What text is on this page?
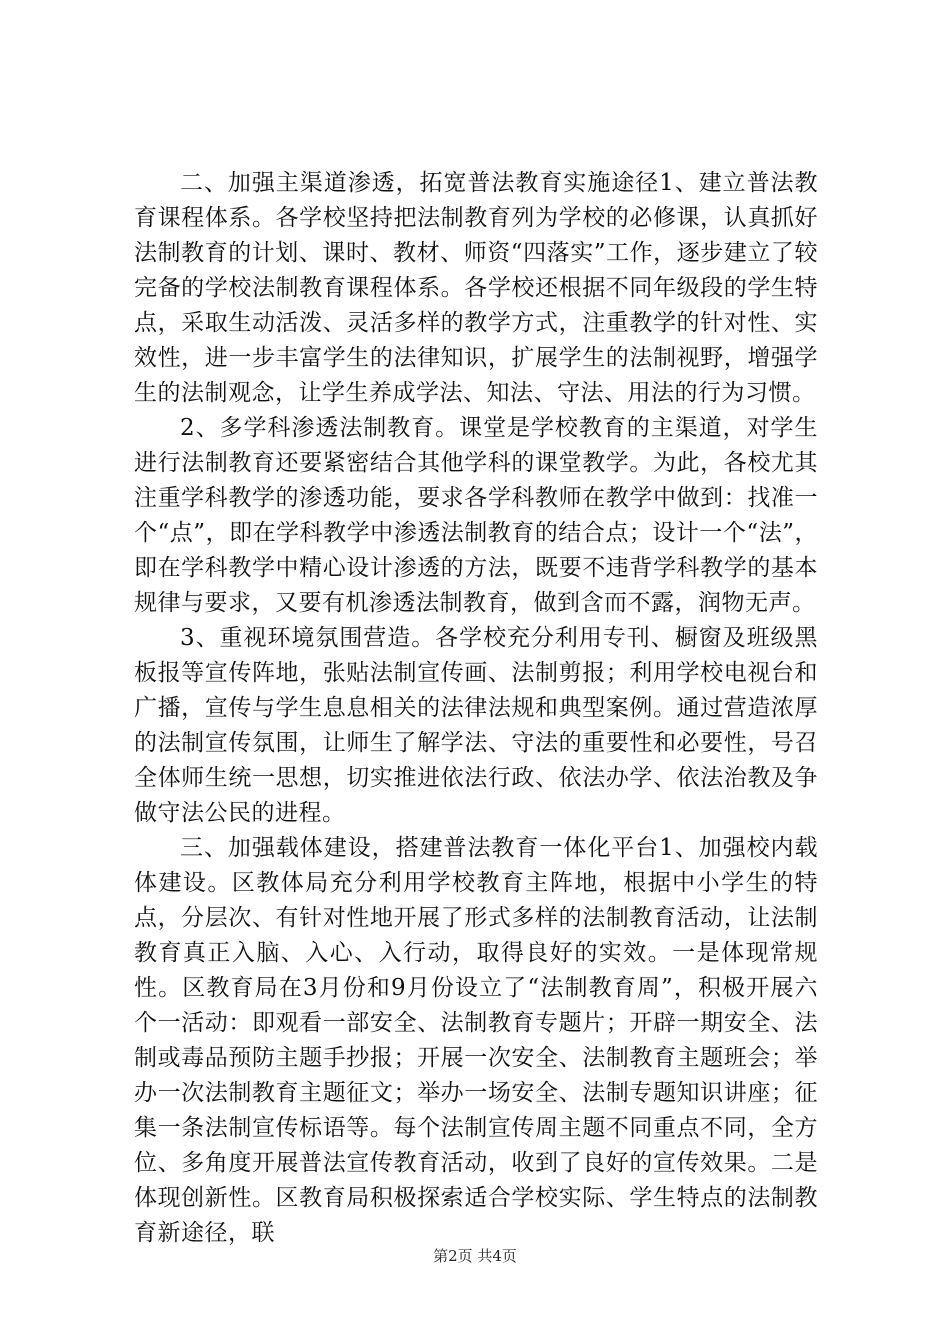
二、加强主渠道渗透，拓宽普法教育实施途径1、建立普法教育课程体系。各学校坚持把法制教育列为学校的必修课，认真抓好法制教育的计划、课时、教材、师资“四落实”工作，逐步建立了较完备的学校法制教育课程体系。各学校还根据不同年级段的学生特点，采取生动活泼、灵活多样的教学方式，注重教学的针对性、实效性，进一步丰富学生的法律知识，扩展学生的法制视野，增强学生的法制观念，让学生养成学法、知法、守法、用法的行为习惯。

2、多学科渗透法制教育。课堂是学校教育的主渠道，对学生进行法制教育还要紧密结合其他学科的课堂教学。为此，各校尤其注重学科教学的渗透功能，要求各学科教师在教学中做到：找准一个“点”，即在学科教学中渗透法制教育的结合点；设计一个“法”，即在学科教学中精心设计渗透的方法，既要不违背学科教学的基本规律与要求，又要有机渗透法制教育，做到含而不露，润物无声。

3、重视环境氛围营造。各学校充分利用专刊、橱窗及班级黑板报等宣传阵地，张贴法制宣传画、法制剪报；利用学校电视台和广播，宣传与学生息息相关的法律法规和典型案例。通过营造浓厚的法制宣传氛围，让师生了解学法、守法的重要性和必要性，号召全体师生统一思想，切实推进依法行政、依法办学、依法治教及争做守法公民的进程。

三、加强载体建设，搭建普法教育一体化平台1、加强校内载体建设。区教体局充分利用学校教育主阵地，根据中小学生的特点，分层次、有针对性地开展了形式多样的法制教育活动，让法制教育真正入脑、入心、入行动，取得良好的实效。一是体现常规性。区教育局在3月份和9月份设立了“法制教育周”，积极开展六个一活动：即观看一部安全、法制教育专题片；开辟一期安全、法制或毒品预防主题手抄报；开展一次安全、法制教育主题班会；举办一次法制教育主题征文；举办一场安全、法制专题知识讲座；征集一条法制宣传标语等。每个法制宣传周主题不同重点不同，全方位、多角度开展普法宣传教育活动，收到了良好的宣传效果。二是体现创新性。区教育局积极探索适合学校实际、学生特点的法制教育新途径，联

第2页 共4页
